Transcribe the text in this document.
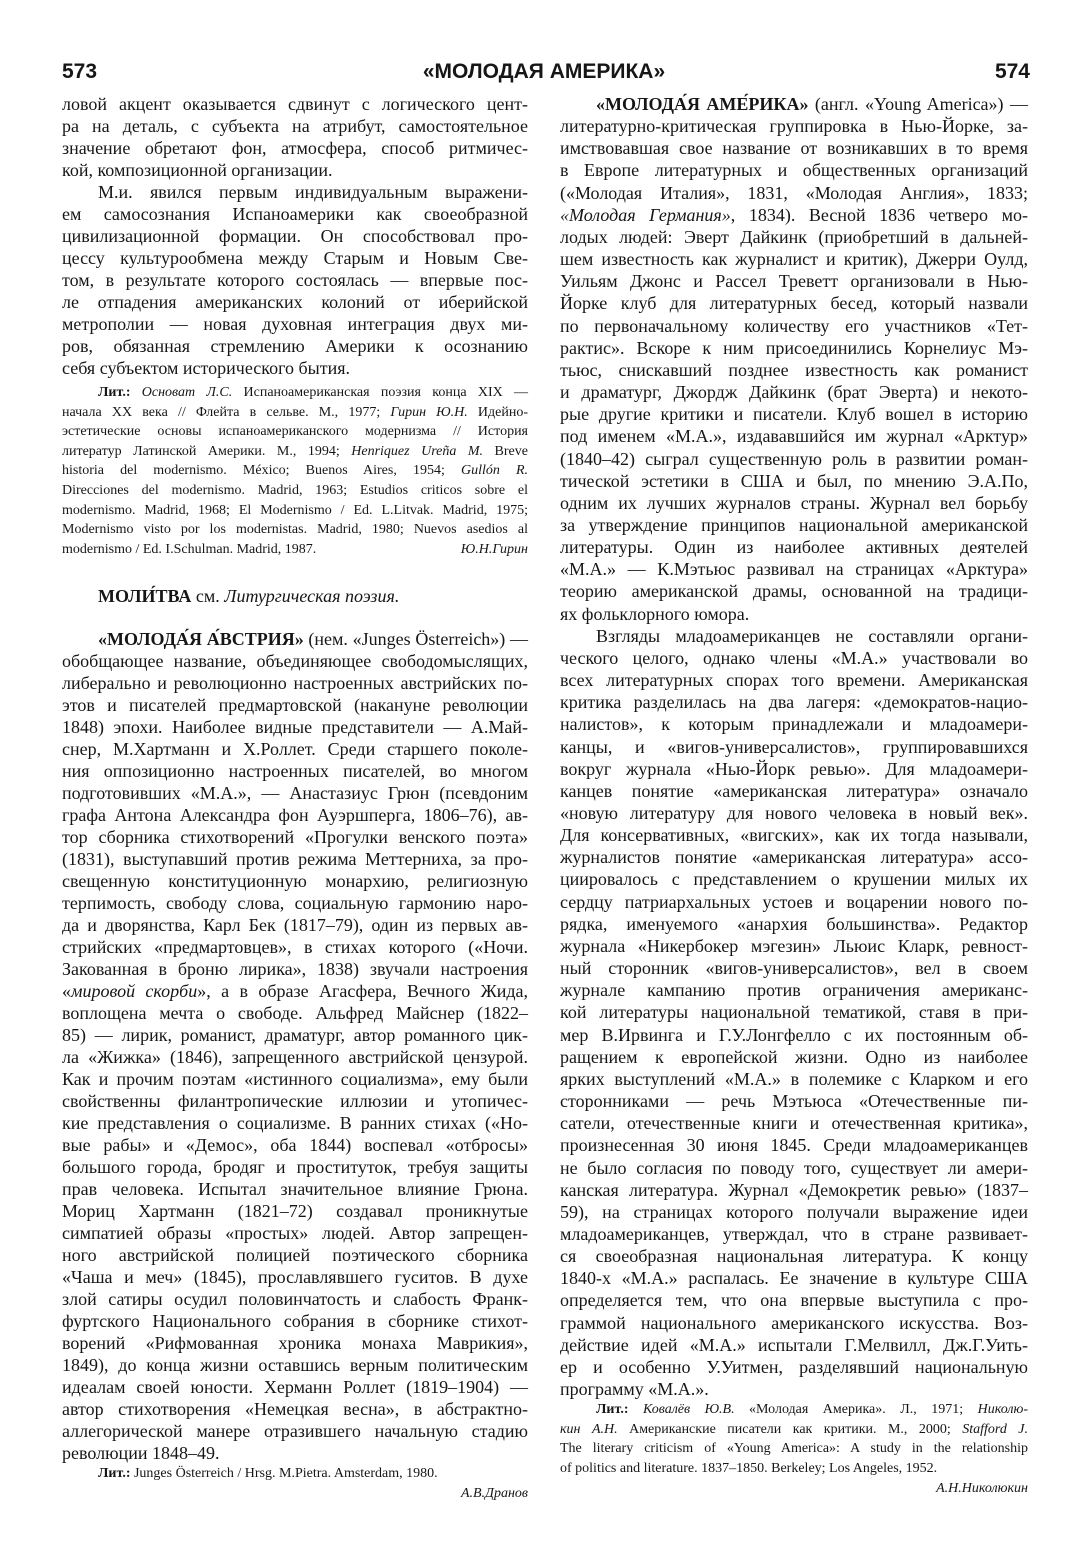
«МОЛОДАЯ АМЕРИКА»
573	574
ловой акцент оказывается сдвинут с логического цент-
ра на деталь, с субъекта на атрибут, самостоятельное
значение обретают фон, атмосфера, способ ритмичес-
кой, композиционной организации.
М.и. явился первым индивидуальным выражени-
ем самосознания Испаноамерики как своеобразной
цивилизационной формации. Он способствовал про-
цессу культурообмена между Старым и Новым Све-
том, в результате которого состоялась — впервые пос-
ле отпадения американских колоний от иберийской
метрополии — новая духовная интеграция двух ми-
ров, обязанная стремлению Америки к осознанию
себя субъектом исторического бытия.
Лит.: Основат Л.С. Испаноамериканская поэзия конца XIX —
начала XX века // Флейта в сельве. М., 1977; Гирин Ю.Н. Идейно-
эстетические основы испаноамериканского модернизма // История
литератур Латинской Америки. М., 1994; Henriquez Ureña M. Breve
historia del modernismo. México; Buenos Aires, 1954; Gullón R.
Direcciones del modernismo. Madrid, 1963; Estudios criticos sobre el
modernismo. Madrid, 1968; El Modernismo / Ed. L.Litvak. Madrid, 1975;
Modernismo visto por los modernistas. Madrid, 1980; Nuevos asedios al
Ю.Н.Гирин
modernismo / Ed. I.Schulman. Madrid, 1987.
МОЛИ́ТВА см. Литургическая поэзия.
«МОЛОДА́Я А́ВСТРИЯ» (нем. «Junges Österreich») —
обобщающее название, объединяющее свободомыслящих,
либерально и революционно настроенных австрийских по-
этов и писателей предмартовской (накануне революции
1848) эпохи. Наиболее видные представители — А.Май-
снер, М.Хартманн и Х.Роллет. Среди старшего поколе-
ния оппозиционно настроенных писателей, во многом
подготовивших «М.А.», — Анастазиус Грюн (псевдоним
графа Антона Александра фон Ауэршперга, 1806–76), ав-
тор сборника стихотворений «Прогулки венского поэта»
(1831), выступавший против режима Меттерниха, за про-
свещенную конституционную монархию, религиозную
терпимость, свободу слова, социальную гармонию наро-
да и дворянства, Карл Бек (1817–79), один из первых ав-
стрийских «предмартовцев», в стихах которого («Ночи.
Закованная в броню лирика», 1838) звучали настроения
«мировой скорби», а в образе Агасфера, Вечного Жида,
воплощена мечта о свободе. Альфред Майснер (1822–
85) — лирик, романист, драматург, автор романного цик-
ла «Жижка» (1846), запрещенного австрийской цензурой.
Как и прочим поэтам «истинного социализма», ему были
свойственны филантропические иллюзии и утопичес-
кие представления о социализме. В ранних стихах («Но-
вые рабы» и «Демос», оба 1844) воспевал «отбросы»
большого города, бродяг и проституток, требуя защиты
прав человека. Испытал значительное влияние Грюна.
Мориц Хартманн (1821–72) создавал проникнутые
симпатией образы «простых» людей. Автор запрещен-
ного австрийской полицией поэтического сборника
«Чаша и меч» (1845), прославлявшего гуситов. В духе
злой сатиры осудил половинчатость и слабость Франк-
фуртского Национального собрания в сборнике стихот-
ворений «Рифмованная хроника монаха Маврикия»,
1849), до конца жизни оставшись верным политическим
идеалам своей юности. Херманн Роллет (1819–1904) —
автор стихотворения «Немецкая весна», в абстрактно-
аллегорической манере отразившего начальную стадию
революции 1848–49.
Лит.: Junges Österreich / Hrsg. M.Pietra. Amsterdam, 1980.
А.В.Дранов
«МОЛОДА́Я АМЕ́РИКА» (англ. «Young America») —
литературно-критическая группировка в Нью-Йорке, за-
имствовавшая свое название от возникавших в то время
в Европе литературных и общественных организаций
(«Молодая Италия», 1831, «Молодая Англия», 1833;
«Молодая Германия», 1834). Весной 1836 четверо мо-
лодых людей: Эверт Дайкинк (приобретший в дальней-
шем известность как журналист и критик), Джерри Оулд,
Уильям Джонс и Рассел Треветт организовали в Нью-
Йорке клуб для литературных бесед, который назвали
по первоначальному количеству его участников «Тет-
рактис». Вскоре к ним присоединились Корнелиус Мэ-
тьюс, снискавший позднее известность как романист
и драматург, Джордж Дайкинк (брат Эверта) и некото-
рые другие критики и писатели. Клуб вошел в историю
под именем «М.А.», издававшийся им журнал «Арктур»
(1840–42) сыграл существенную роль в развитии роман-
тической эстетики в США и был, по мнению Э.А.По,
одним их лучших журналов страны. Журнал вел борьбу
за утверждение принципов национальной американской
литературы. Один из наиболее активных деятелей
«М.А.» — К.Мэтьюс развивал на страницах «Арктура»
теорию американской драмы, основанной на традици-
ях фольклорного юмора.
Взгляды младоамериканцев не составляли органи-
ческого целого, однако члены «М.А.» участвовали во
всех литературных спорах того времени. Американская
критика разделилась на два лагеря: «демократов-нацио-
налистов», к которым принадлежали и младоамери-
канцы, и «вигов-универсалистов», группировавшихся
вокруг журнала «Нью-Йорк ревью». Для младоамери-
канцев понятие «американская литература» означало
«новую литературу для нового человека в новый век».
Для консервативных, «вигских», как их тогда называли,
журналистов понятие «американская литература» ассо-
циировалось с представлением о крушении милых их
сердцу патриархальных устоев и воцарении нового по-
рядка, именуемого «анархия большинства». Редактор
журнала «Никербокер мэгезин» Льюис Кларк, ревност-
ный сторонник «вигов-универсалистов», вел в своем
журнале кампанию против ограничения американс-
кой литературы национальной тематикой, ставя в при-
мер В.Ирвинга и Г.У.Лонгфелло с их постоянным об-
ращением к европейской жизни. Одно из наиболее
ярких выступлений «М.А.» в полемике с Кларком и его
сторонниками — речь Мэтьюса «Отечественные пи-
сатели, отечественные книги и отечественная критика»,
произнесенная 30 июня 1845. Среди младоамериканцев
не было согласия по поводу того, существует ли амери-
канская литература. Журнал «Демокретик ревью» (1837–
59), на страницах которого получали выражение идеи
младоамериканцев, утверждал, что в стране развивает-
ся своеобразная национальная литература. К концу
1840-х «М.А.» распалась. Ее значение в культуре США
определяется тем, что она впервые выступила с про-
граммой национального американского искусства. Воз-
действие идей «М.А.» испытали Г.Мелвилл, Дж.Г.Уить-
ер и особенно У.Уитмен, разделявший национальную
программу «М.А.».
Лит.: Ковалёв Ю.В. «Молодая Америка». Л., 1971; Николю-
кин А.Н. Американские писатели как критики. М., 2000; Stafford J.
The literary criticism of «Young America»: A study in the relationship
of politics and literature. 1837–1850. Berkeley; Los Angeles, 1952.
А.Н.Николюкин
